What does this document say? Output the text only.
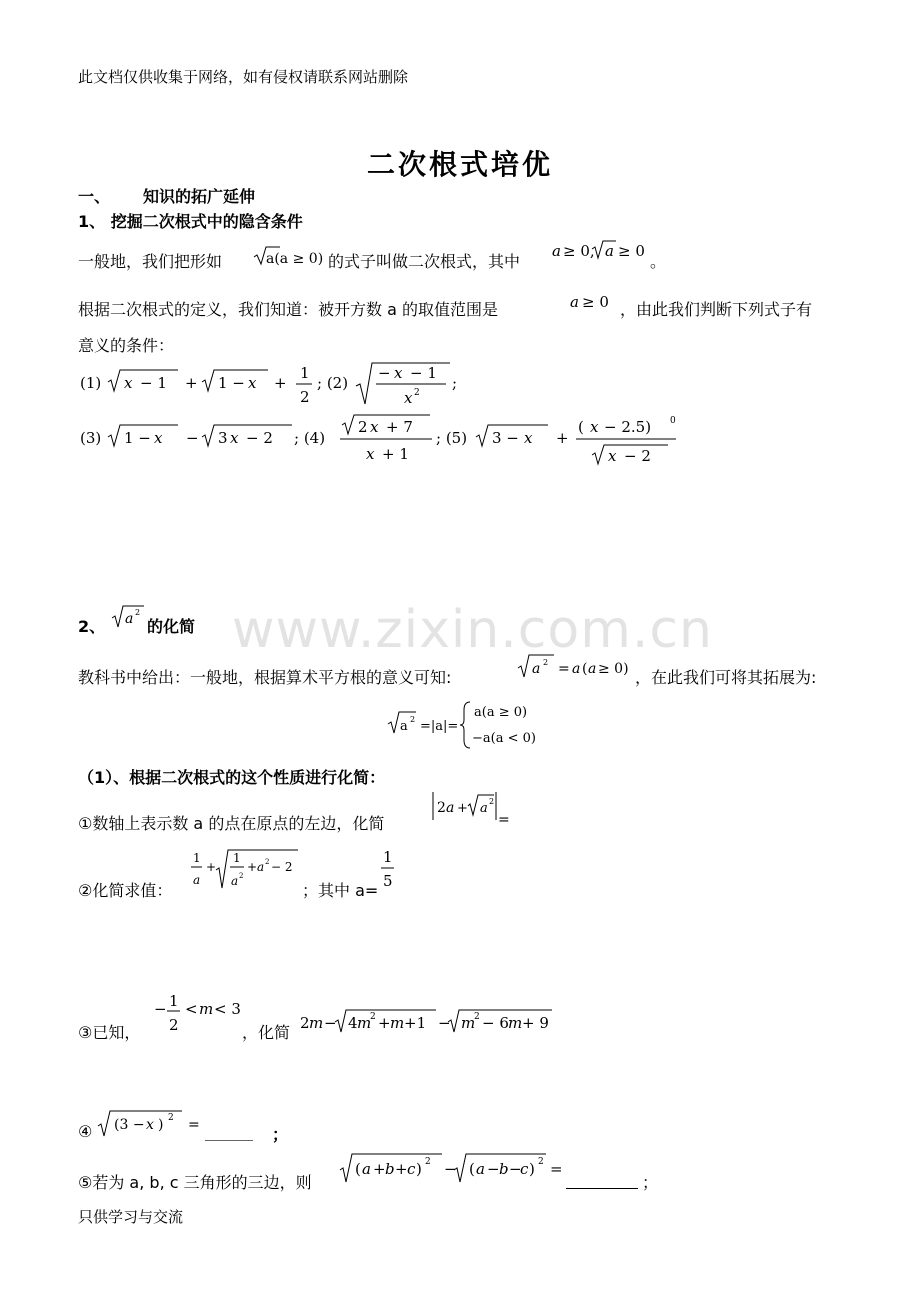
此文档仅供收集于网络，如有侵权请联系网站删除
www.zixin.com.cn
二次根式培优
一、 知识的拓广延伸
1、 挖掘二次根式中的隐含条件
一般地，我们把形如	a(a ≥ 0) 的式子叫做二次根式，其中
a ≥ 0, a ≥ 0
。
根据二次根式的定义，我们知道：被开方数 a 的取值范围是	a ≥ 0 ，由此我们判断下列式子有
意义的条件：
(1) x − 1 + 1 − x +
1
2
; (2)
− x − 1
x 2
;
(3) 1 − x − 3 x − 2 ; (4)
2 x + 7
x + 1
; (5) 3 − x +
( x − 2.5) 0
x − 2
2、 a 2
的化简
教科书中给出：一般地，根据算术平方根的意义可知:	a 2 = a ( a ≥ 0) ，在此我们可将其拓展为:
a 2 =|a|=
a(a ≥ 0)
−a(a < 0)
（1）、根据二次根式的这个性质进行化简：
①数轴上表示数 a 的点在原点的左边，化简
2 a + a 2
=
②化简求值：
1
a
+
1
a 2
+ a 2 − 2
；其中 a=
1
5
③已知，
− 1
2
< m < 3
，化简 2 m − 4 m
2 + m +1 − m
2 − 6 m + 9
④ (3 − x ) 2 = ______ ；
⑤若为 a, b, c 三角形的三边，则
( a + b + c ) 2 − ( a − b −
c ) 2 =
；
只供学习与交流
